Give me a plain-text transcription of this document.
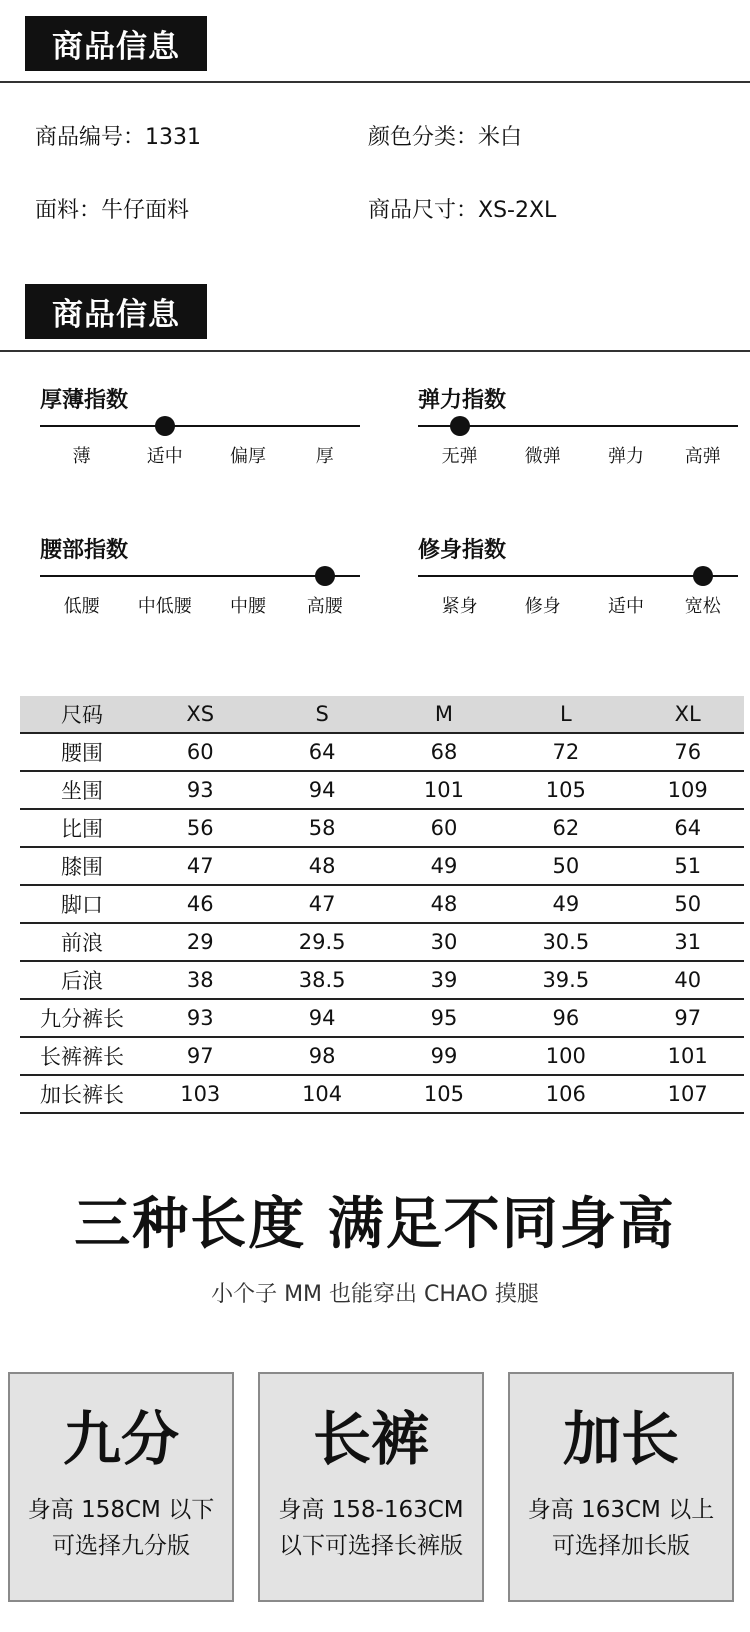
商品信息
商品编号：1331	颜色分类：米白
面料：牛仔面料	商品尺寸：XS-2XL
商品信息
厚薄指数
薄	适中	偏厚	厚
弹力指数
无弹	微弹	弹力 高弹
腰部指数
低腰 中低腰 中腰 高腰
修身指数
紧身	修身	适中 宽松
尺码	XS	S	M	L	XL
腰围	60	64	68	72	76
坐围	93	94	101	105	109
比围	56	58	60	62	64
膝围	47	48	49	50	51
脚口	46	47	48	49	50
前浪	29	29.5	30	30.5	31
后浪	38	38.5	39	39.5	40
九分裤长	93	94	95	96	97
长裤裤长	97	98	99	100	101
加长裤长	103	104	105	106	107
三种长度 满足不同身高
小个子 MM 也能穿出 CHAO 摸腿
九分
身高 158CM 以下
可选择九分版
长裤
身高 158-163CM
以下可选择长裤版
加长
身高 163CM 以上
可选择加长版
